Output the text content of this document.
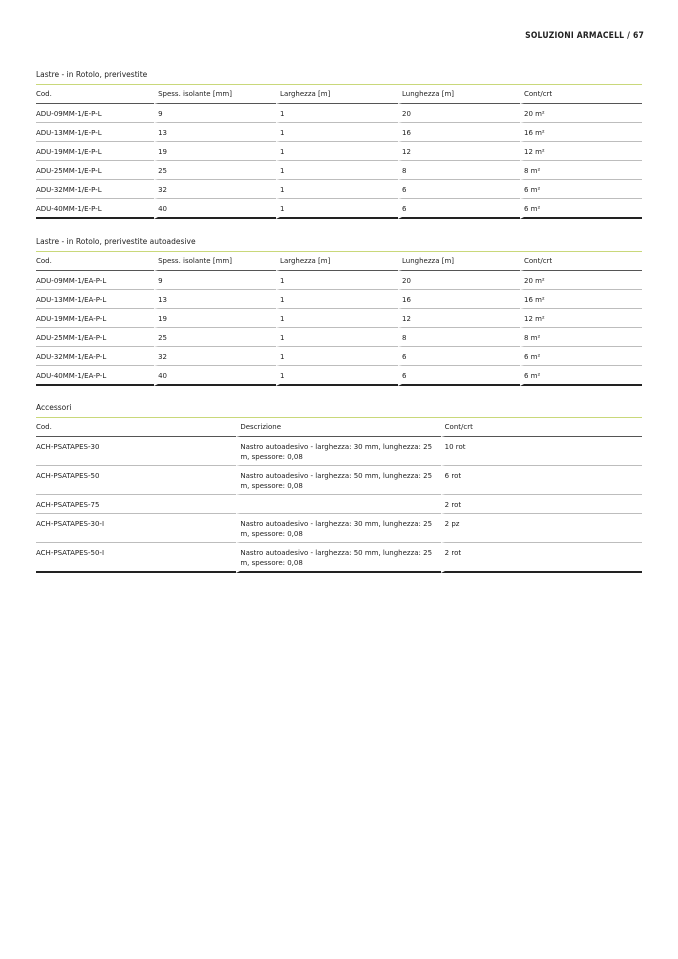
SOLUZIONI ARMACELL / 67
Lastre - in Rotolo, prerivestite
Cod.	Spess. isolante [mm]	Larghezza [m]	Lunghezza [m]	Cont/crt
ADU-09MM-1/E-P-L	9	1	20	20 m²
ADU-13MM-1/E-P-L	13	1	16	16 m²
ADU-19MM-1/E-P-L	19	1	12	12 m²
ADU-25MM-1/E-P-L	25	1	8	8 m²
ADU-32MM-1/E-P-L	32	1	6	6 m²
ADU-40MM-1/E-P-L	40	1	6	6 m²
Lastre - in Rotolo, prerivestite autoadesive
Cod.	Spess. isolante [mm]	Larghezza [m]	Lunghezza [m]	Cont/crt
ADU-09MM-1/EA-P-L	9	1	20	20 m²
ADU-13MM-1/EA-P-L	13	1	16	16 m²
ADU-19MM-1/EA-P-L	19	1	12	12 m²
ADU-25MM-1/EA-P-L	25	1	8	8 m²
ADU-32MM-1/EA-P-L	32	1	6	6 m²
ADU-40MM-1/EA-P-L	40	1	6	6 m²
Accessori
Cod.	Descrizione	Cont/crt
ACH-PSATAPES-30	Nastro autoadesivo - larghezza: 30 mm, lunghezza: 25 m, spessore: 0,08	10 rot
ACH-PSATAPES-50	Nastro autoadesivo - larghezza: 50 mm, lunghezza: 25 m, spessore: 0,08	6 rot
ACH-PSATAPES-75		2 rot
ACH-PSATAPES-30-I	Nastro autoadesivo - larghezza: 30 mm, lunghezza: 25 m, spessore: 0,08	2 pz
ACH-PSATAPES-50-I	Nastro autoadesivo - larghezza: 50 mm, lunghezza: 25 m, spessore: 0,08	2 rot
